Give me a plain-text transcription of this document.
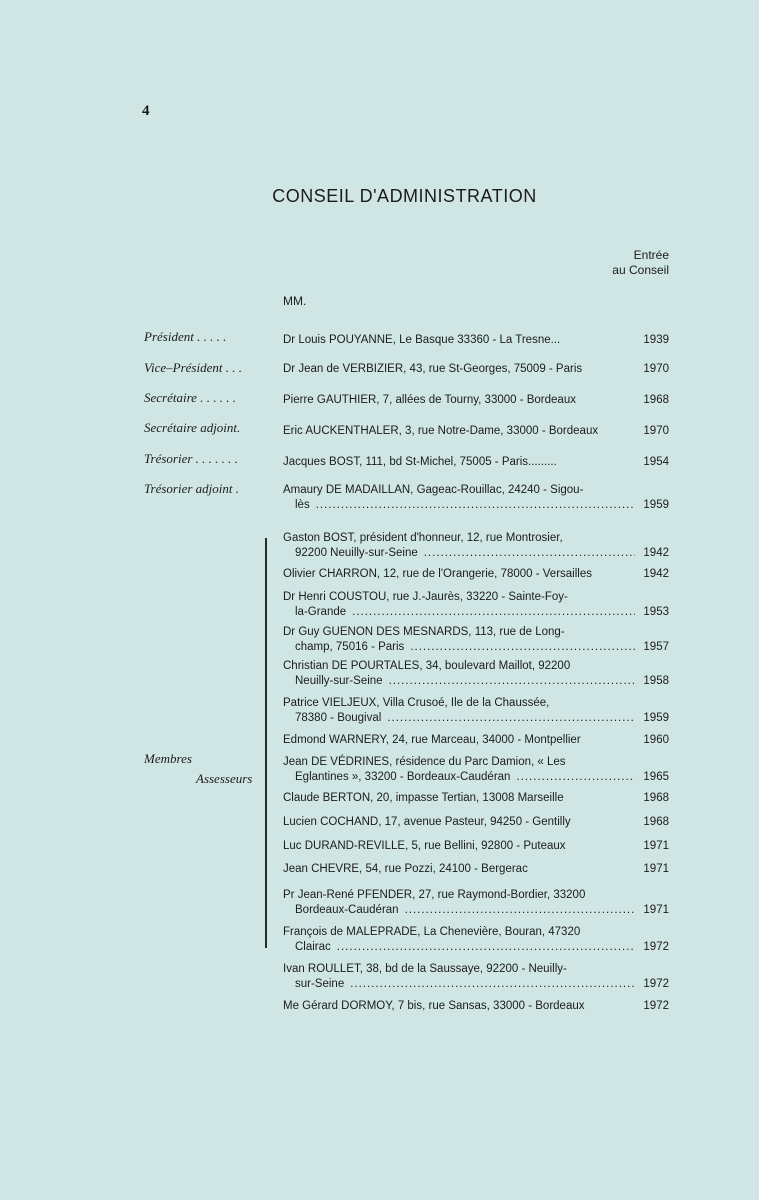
4
CONSEIL D'ADMINISTRATION
Entrée
au Conseil
MM.
Président . . . . .	Dr Louis POUYANNE, Le Basque 33360 - La Tresne...	1939
Vice–Président . . .	Dr Jean de VERBIZIER, 43, rue St-Georges, 75009 - Paris	1970
Secrétaire . . . . . .	Pierre GAUTHIER, 7, allées de Tourny, 33000 - Bordeaux	1968
Secrétaire adjoint.	Eric AUCKENTHALER, 3, rue Notre-Dame, 33000 - Bordeaux	1970
Trésorier . . . . . . .	Jacques BOST, 111, bd St-Michel, 75005 - Paris.........	1954
Trésorier adjoint .	Amaury DE MADAILLAN, Gageac-Rouillac, 24240 - Sigou-
lès .....	1959
Membres
Assesseurs
Gaston BOST, président d'honneur, 12, rue Montrosier,
92200 Neuilly-sur-Seine .....	1942
Olivier CHARRON, 12, rue de l'Orangerie, 78000 - Versailles	1942
Dr Henri COUSTOU, rue J.-Jaurès, 33220 - Sainte-Foy-
la-Grande .....	1953
Dr Guy GUENON DES MESNARDS, 113, rue de Long-
champ, 75016 - Paris .....	1957
Christian DE POURTALES, 34, boulevard Maillot, 92200
Neuilly-sur-Seine .....	1958
Patrice VIELJEUX, Villa Crusoé, Ile de la Chaussée,
78380 - Bougival .....	1959
Edmond WARNERY, 24, rue Marceau, 34000 - Montpellier	1960
Jean DE VÉDRINES, résidence du Parc Damion, « Les
Eglantines », 33200 - Bordeaux-Caudéran .....	1965
Claude BERTON, 20, impasse Tertian, 13008 Marseille	1968
Lucien COCHAND, 17, avenue Pasteur, 94250 - Gentilly	1968
Luc DURAND-REVILLE, 5, rue Bellini, 92800 - Puteaux	1971
Jean CHEVRE, 54, rue Pozzi, 24100 - Bergerac	1971
Pr Jean-René PFENDER, 27, rue Raymond-Bordier, 33200
Bordeaux-Caudéran .....	1971
François de MALEPRADE, La Chenevière, Bouran, 47320
Clairac .....	1972
Ivan ROULLET, 38, bd de la Saussaye, 92200 - Neuilly-
sur-Seine .....	1972
Me Gérard DORMOY, 7 bis, rue Sansas, 33000 - Bordeaux	1972
